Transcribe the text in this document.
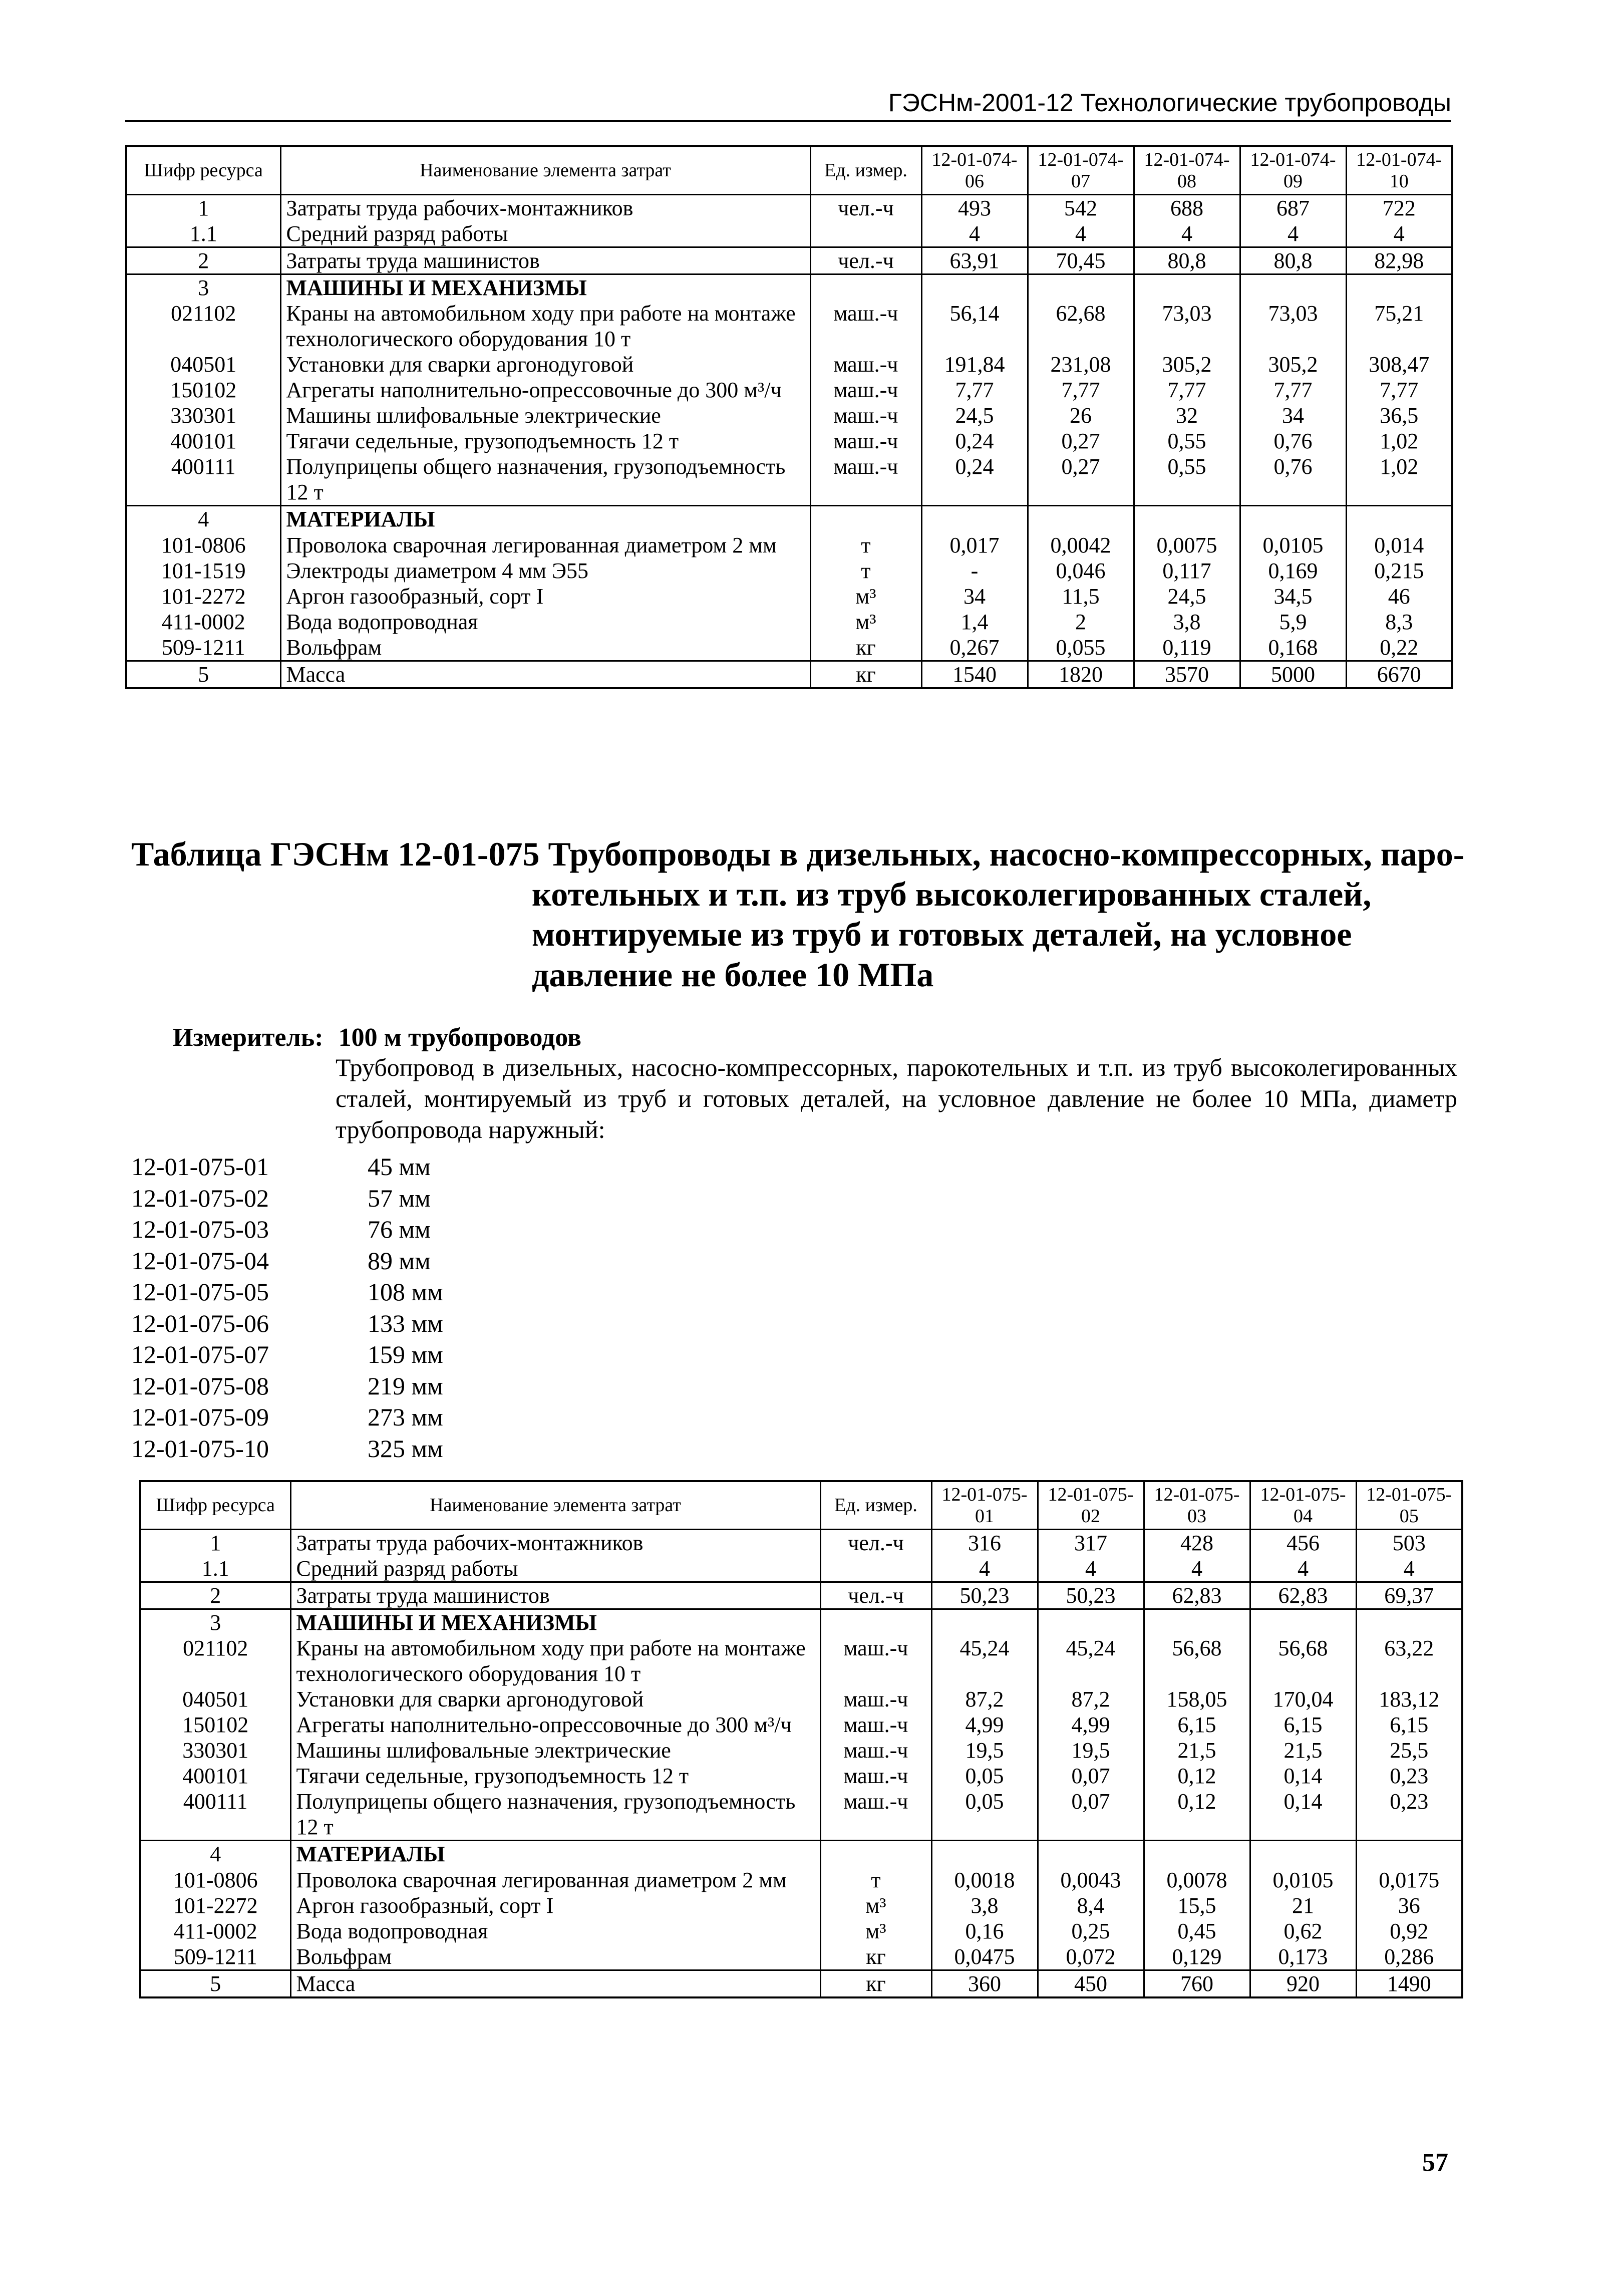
ГЭСНм-2001-12 Технологические трубопроводы
Шифр ресурса	Наименование элемента затрат	Ед. измер.	12-01-074-06	12-01-074-07	12-01-074-08	12-01-074-09	12-01-074-10
1	Затраты труда рабочих-монтажников	чел.-ч	493	542	688	687	722
1.1	Средний разряд работы		4	4	4	4	4
2	Затраты труда машинистов	чел.-ч	63,91	70,45	80,8	80,8	82,98
3	МАШИНЫ И МЕХАНИЗМЫ						
021102	Краны на автомобильном ходу при работе на монтаже технологического оборудования 10 т	маш.-ч	56,14	62,68	73,03	73,03	75,21
040501	Установки для сварки аргонодуговой	маш.-ч	191,84	231,08	305,2	305,2	308,47
150102	Агрегаты наполнительно-опрессовочные до 300 м³/ч	маш.-ч	7,77	7,77	7,77	7,77	7,77
330301	Машины шлифовальные электрические	маш.-ч	24,5	26	32	34	36,5
400101	Тягачи седельные, грузоподъемность 12 т	маш.-ч	0,24	0,27	0,55	0,76	1,02
400111	Полуприцепы общего назначения, грузоподъемность 12 т	маш.-ч	0,24	0,27	0,55	0,76	1,02
4	МАТЕРИАЛЫ						
101-0806	Проволока сварочная легированная диаметром 2 мм	т	0,017	0,0042	0,0075	0,0105	0,014
101-1519	Электроды диаметром 4 мм Э55	т	-	0,046	0,117	0,169	0,215
101-2272	Аргон газообразный, сорт I	м³	34	11,5	24,5	34,5	46
411-0002	Вода водопроводная	м³	1,4	2	3,8	5,9	8,3
509-1211	Вольфрам	кг	0,267	0,055	0,119	0,168	0,22
5	Масса	кг	1540	1820	3570	5000	6670
Таблица ГЭСНм 12-01-075 Трубопроводы в дизельных, насосно-компрессорных, паро-
котельных и т.п. из труб высоколегированных сталей, монтируемые из труб и готовых деталей, на условное давление не более 10 МПа
Измеритель: 100 м трубопроводов
Трубопровод в дизельных, насосно-компрессорных, парокотельных и т.п. из труб высоколегированных сталей, монтируемый из труб и готовых деталей, на условное давление не более 10 МПа, диаметр трубопровода наружный:
12-01-075-01	45 мм
12-01-075-02	57 мм
12-01-075-03	76 мм
12-01-075-04	89 мм
12-01-075-05	108 мм
12-01-075-06	133 мм
12-01-075-07	159 мм
12-01-075-08	219 мм
12-01-075-09	273 мм
12-01-075-10	325 мм
Шифр ресурса	Наименование элемента затрат	Ед. измер.	12-01-075-01	12-01-075-02	12-01-075-03	12-01-075-04	12-01-075-05
1	Затраты труда рабочих-монтажников	чел.-ч	316	317	428	456	503
1.1	Средний разряд работы		4	4	4	4	4
2	Затраты труда машинистов	чел.-ч	50,23	50,23	62,83	62,83	69,37
3	МАШИНЫ И МЕХАНИЗМЫ						
021102	Краны на автомобильном ходу при работе на монтаже технологического оборудования 10 т	маш.-ч	45,24	45,24	56,68	56,68	63,22
040501	Установки для сварки аргонодуговой	маш.-ч	87,2	87,2	158,05	170,04	183,12
150102	Агрегаты наполнительно-опрессовочные до 300 м³/ч	маш.-ч	4,99	4,99	6,15	6,15	6,15
330301	Машины шлифовальные электрические	маш.-ч	19,5	19,5	21,5	21,5	25,5
400101	Тягачи седельные, грузоподъемность 12 т	маш.-ч	0,05	0,07	0,12	0,14	0,23
400111	Полуприцепы общего назначения, грузоподъемность 12 т	маш.-ч	0,05	0,07	0,12	0,14	0,23
4	МАТЕРИАЛЫ						
101-0806	Проволока сварочная легированная диаметром 2 мм	т	0,0018	0,0043	0,0078	0,0105	0,0175
101-2272	Аргон газообразный, сорт I	м³	3,8	8,4	15,5	21	36
411-0002	Вода водопроводная	м³	0,16	0,25	0,45	0,62	0,92
509-1211	Вольфрам	кг	0,0475	0,072	0,129	0,173	0,286
5	Масса	кг	360	450	760	920	1490
57
